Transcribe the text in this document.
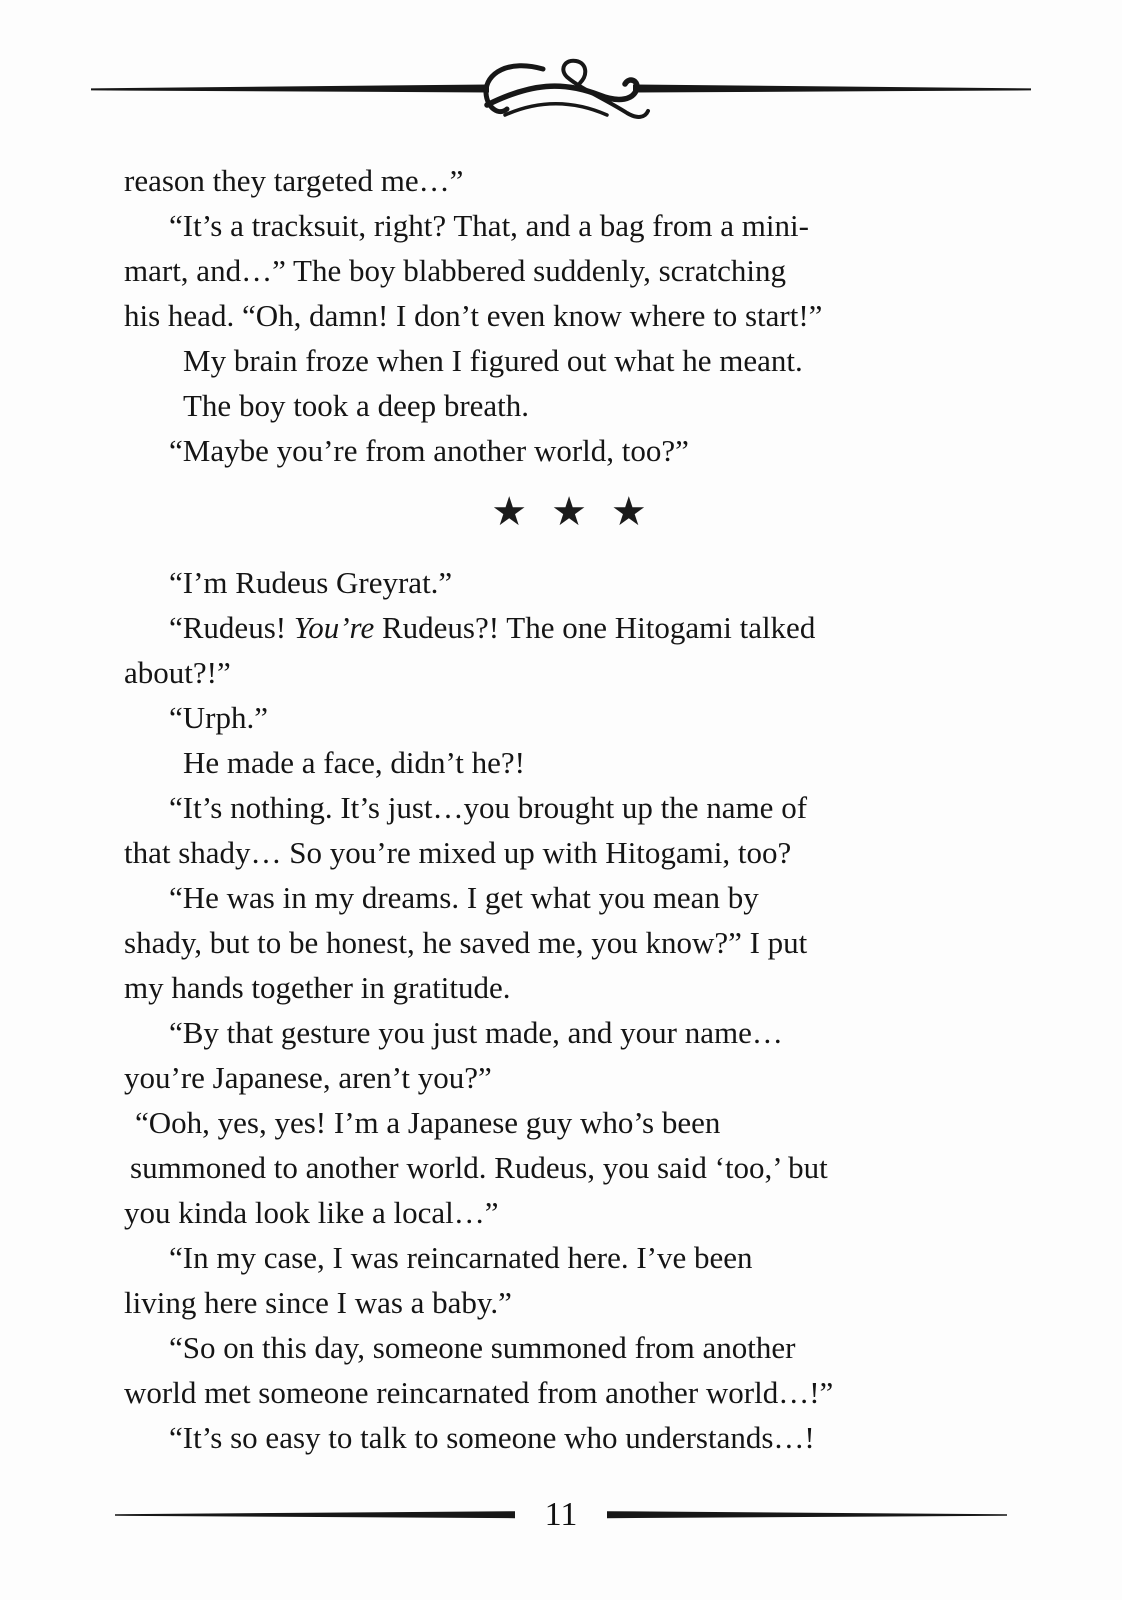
reason they targeted me…”
“It’s a tracksuit, right? That, and a bag from a mini-
mart, and…” The boy blabbered suddenly, scratching
his head. “Oh, damn! I don’t even know where to start!”
My brain froze when I figured out what he meant.
The boy took a deep breath.
“Maybe you’re from another world, too?”
★ ★ ★
“I’m Rudeus Greyrat.”
“Rudeus! You’re Rudeus?! The one Hitogami talked
about?!”
“Urph.”
He made a face, didn’t he?!
“It’s nothing. It’s just…you brought up the name of
that shady… So you’re mixed up with Hitogami, too?
“He was in my dreams. I get what you mean by
shady, but to be honest, he saved me, you know?” I put
my hands together in gratitude.
“By that gesture you just made, and your name…
you’re Japanese, aren’t you?”
“Ooh, yes, yes! I’m a Japanese guy who’s been
summoned to another world. Rudeus, you said ‘too,’ but
you kinda look like a local…”
“In my case, I was reincarnated here. I’ve been
living here since I was a baby.”
“So on this day, someone summoned from another
world met someone reincarnated from another world…!”
“It’s so easy to talk to someone who understands…!
11
